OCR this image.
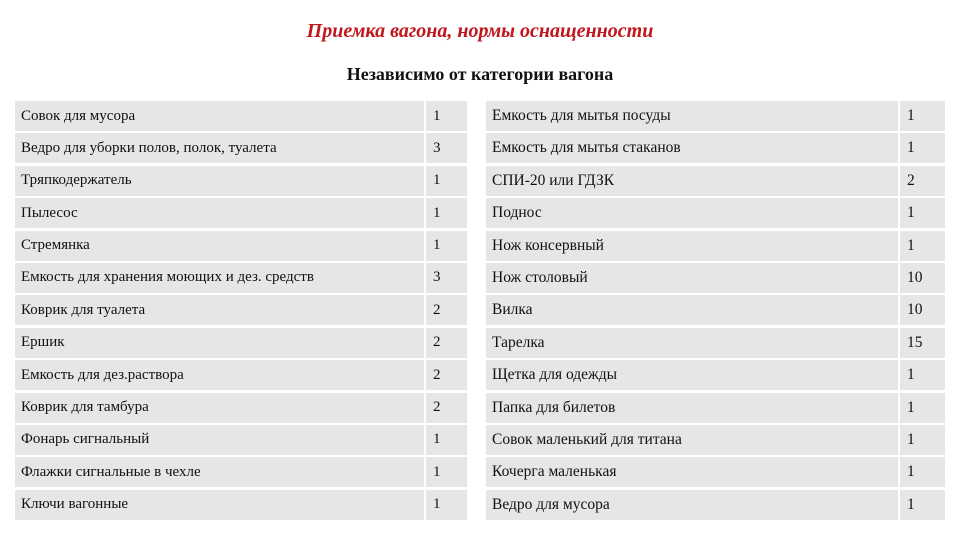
Приемка вагона, нормы оснащенности
Независимо от категории вагона
Совок для мусора	1
Ведро для уборки полов, полок, туалета	3
Тряпкодержатель	1
Пылесос	1
Стремянка	1
Емкость для хранения моющих и дез. средств	3
Коврик для туалета	2
Ершик	2
Емкость для дез.раствора	2
Коврик для тамбура	2
Фонарь сигнальный	1
Флажки сигнальные в чехле	1
Ключи вагонные	1
Емкость для мытья посуды	1
Емкость для мытья стаканов	1
СПИ-20 или ГДЗК	2
Поднос	1
Нож консервный	1
Нож столовый	10
Вилка	10
Тарелка	15
Щетка для одежды	1
Папка для билетов	1
Совок маленький для титана	1
Кочерга маленькая	1
Ведро для мусора	1
